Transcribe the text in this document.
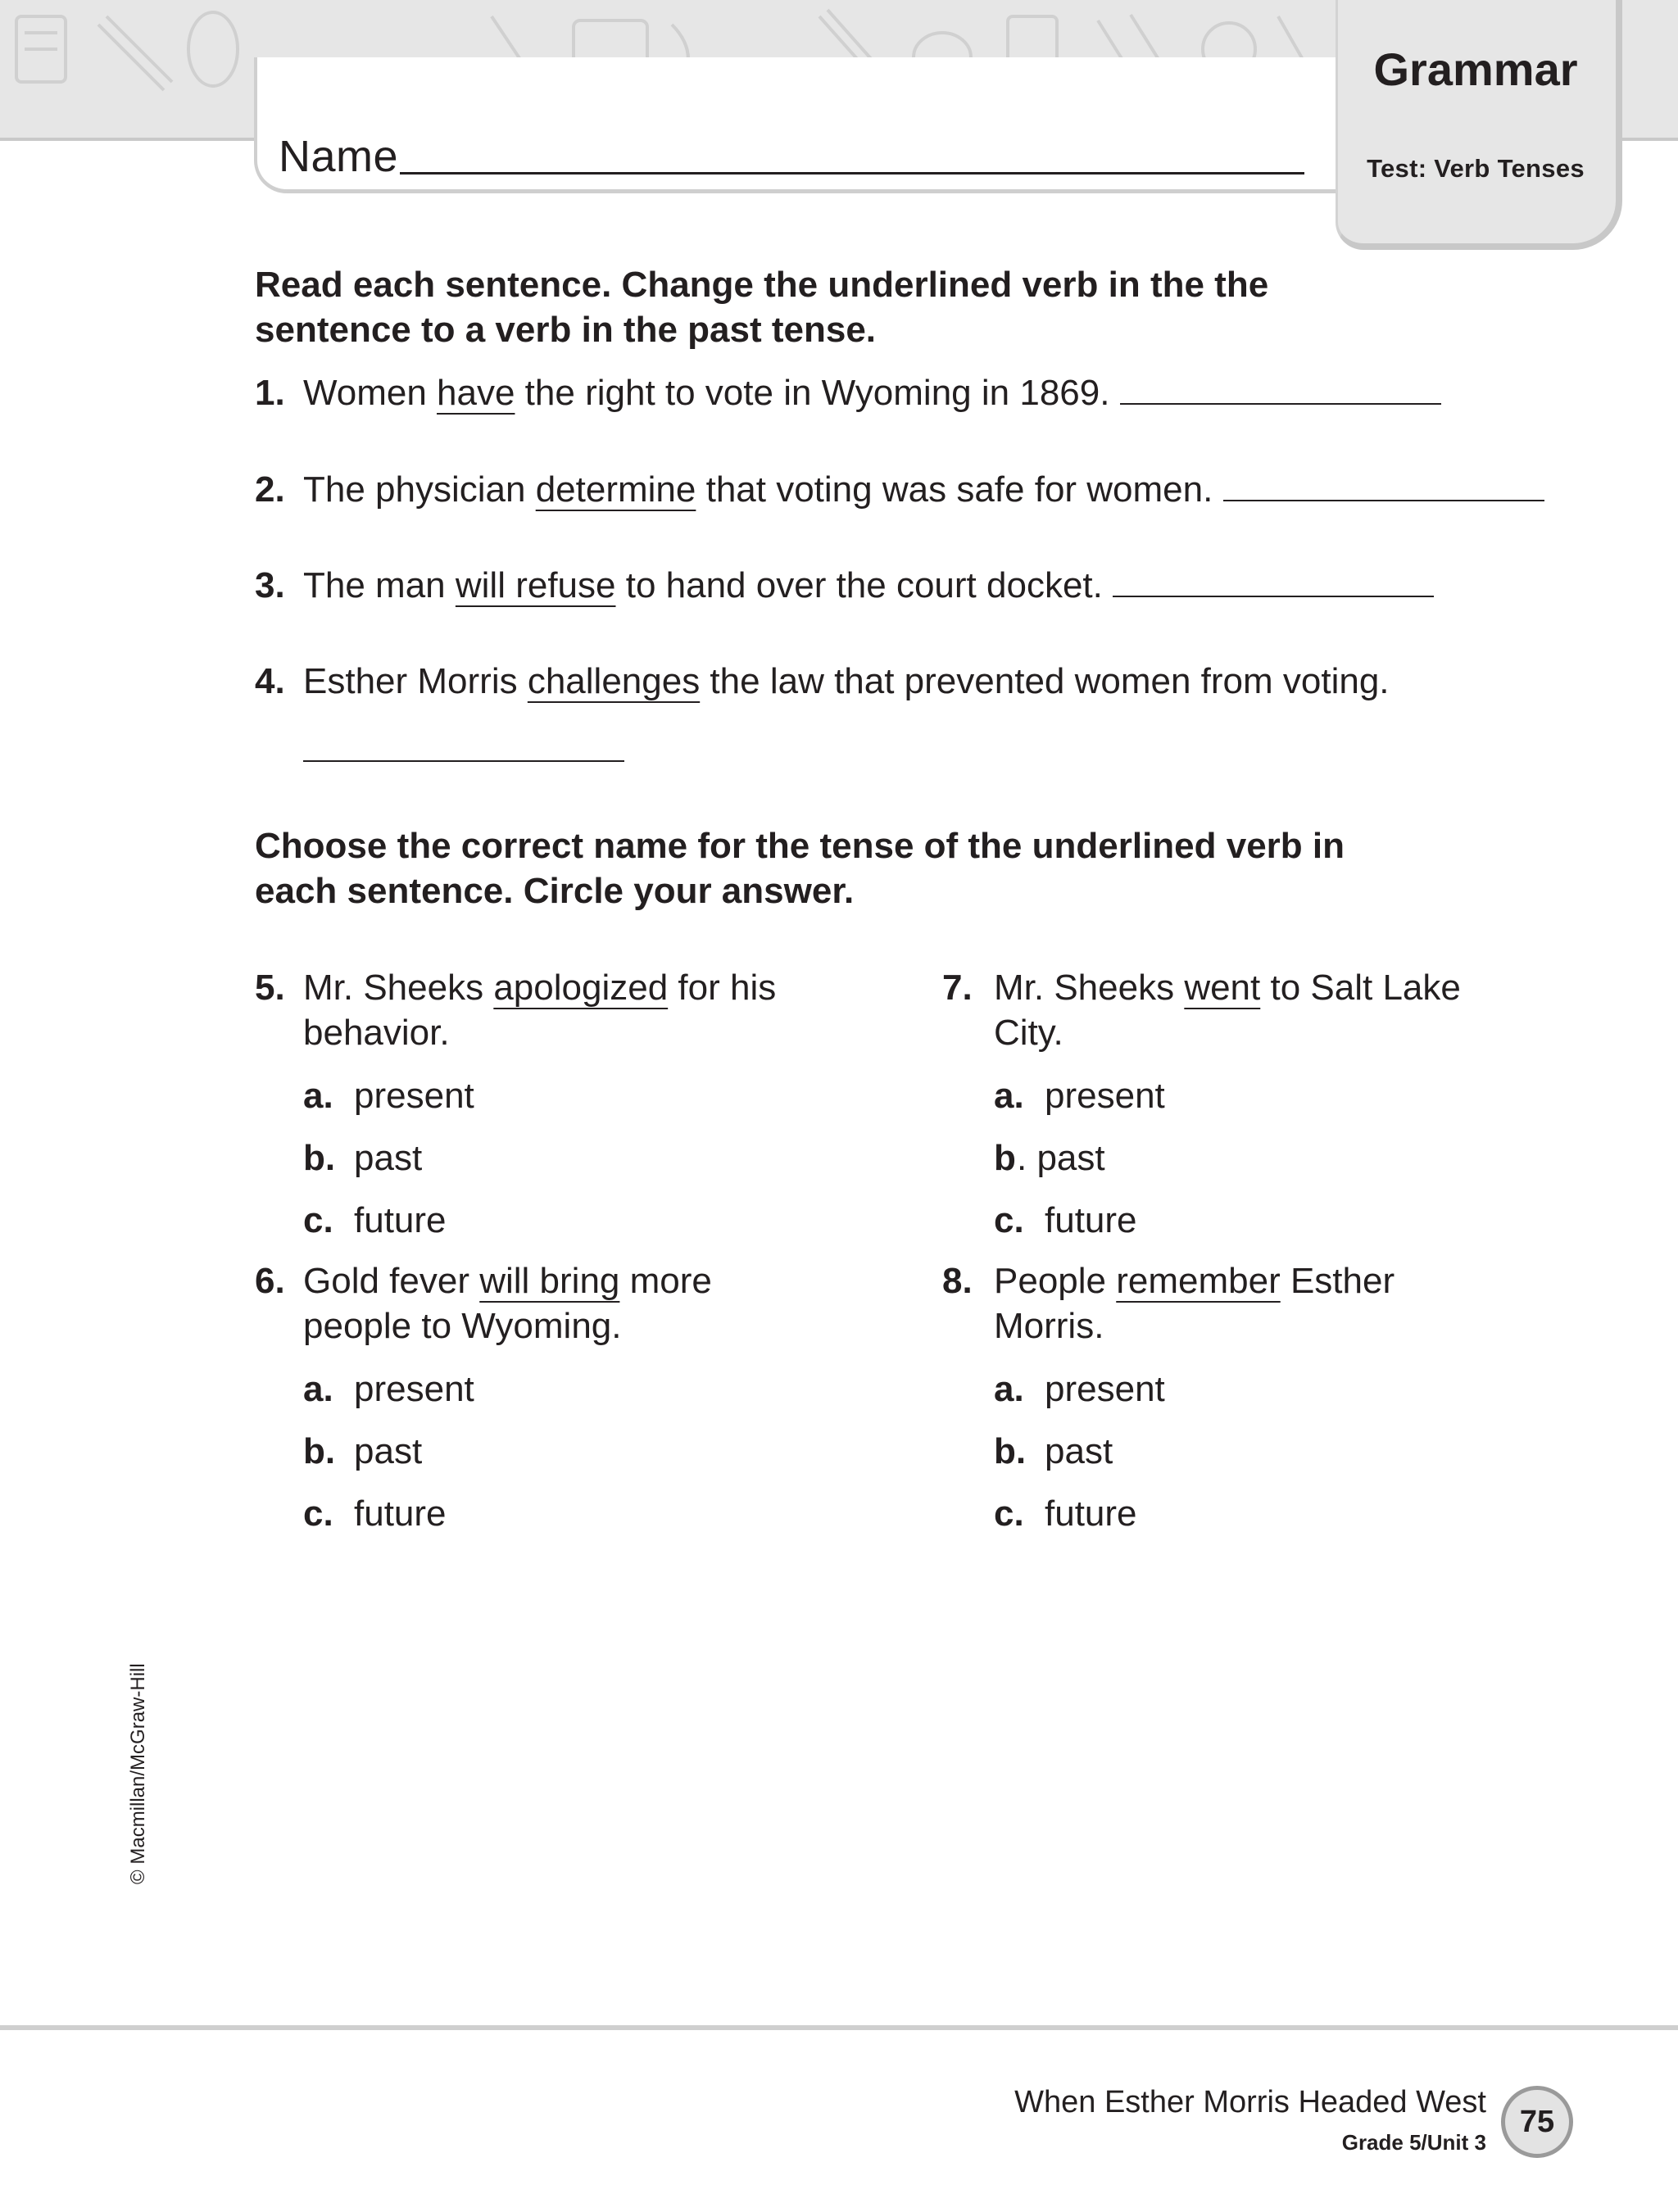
Name
Grammar
Test: Verb Tenses
Read each sentence. Change the underlined verb in the the
sentence to a verb in the past tense.
1. Women have the right to vote in Wyoming in 1869.
2. The physician determine that voting was safe for women.
3. The man will refuse to hand over the court docket.
4. Esther Morris challenges the law that prevented women from voting.
Choose the correct name for the tense of the underlined verb in
each sentence. Circle your answer.
5. Mr. Sheeks apologized for his
behavior.
a. present
b. past
c. future
6. Gold fever will bring more
people to Wyoming.
a. present
b. past
c. future
7. Mr. Sheeks went to Salt Lake
City.
a. present
b. past
c. future
8. People remember Esther
Morris.
a. present
b. past
c. future
© Macmillan/McGraw-Hill
When Esther Morris Headed West
Grade 5/Unit 3
75
